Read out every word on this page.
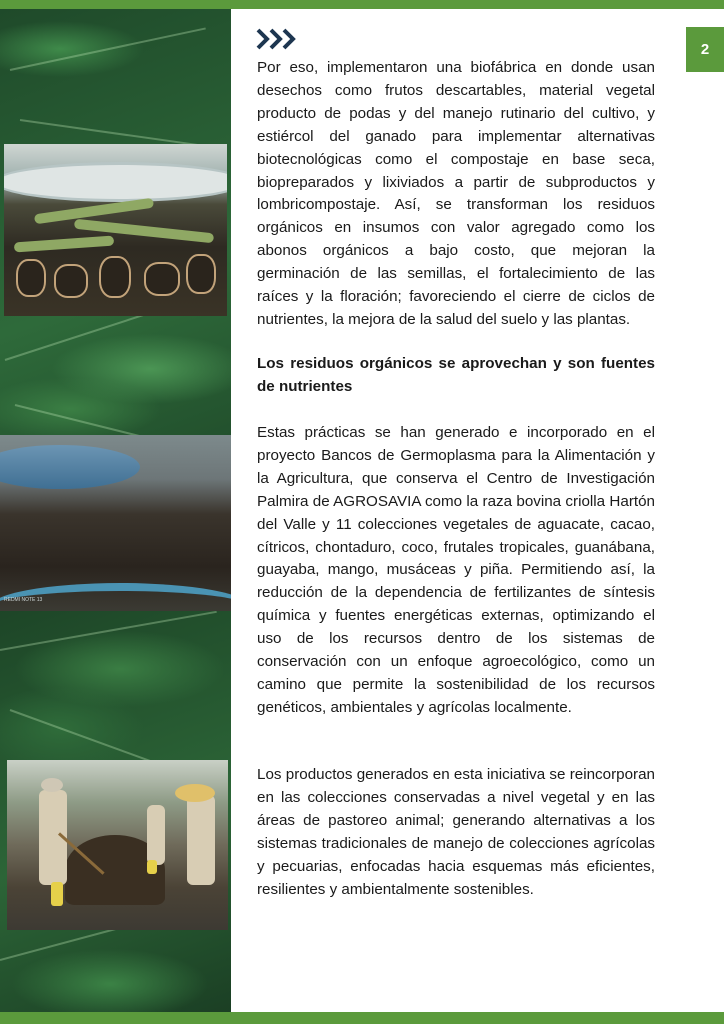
REDMI NOTE 13
2

Por eso, implementaron una biofábrica en donde usan desechos como frutos descartables, material vegetal producto de podas y del manejo rutinario del cultivo, y estiércol del ganado para implementar alternativas biotecnológicas como el compostaje en base seca, biopreparados y lixiviados a partir de subproductos y lombricompostaje. Así, se transforman los residuos orgánicos en insumos con valor agregado como los abonos orgánicos a bajo costo, que mejoran la germinación de las semillas, el fortalecimiento de las raíces y la floración; favoreciendo el cierre de ciclos de nutrientes, la mejora de la salud del suelo y las plantas.

Los residuos orgánicos se aprovechan y son fuentes de nutrientes

Estas prácticas se han generado e incorporado en el proyecto Bancos de Germoplasma para la Alimentación y la Agricultura, que conserva el Centro de Investigación Palmira de AGROSAVIA como la raza bovina criolla Hartón del Valle y 11 colecciones vegetales de aguacate, cacao, cítricos, chontaduro, coco, frutales tropicales, guanábana, guayaba, mango, musáceas y piña. Permitiendo así, la reducción de la dependencia de fertilizantes de síntesis química y fuentes energéticas externas, optimizando el uso de los recursos dentro de los sistemas de conservación con un enfoque agroecológico, como un camino que permite la sostenibilidad de los recursos genéticos, ambientales y agrícolas localmente.

Los productos generados en esta iniciativa se reincorporan en las colecciones conservadas a nivel vegetal y en las áreas de pastoreo animal; generando alternativas a los sistemas tradicionales de manejo de colecciones agrícolas y pecuarias, enfocadas hacia esquemas más eficientes, resilientes y ambientalmente sostenibles.
